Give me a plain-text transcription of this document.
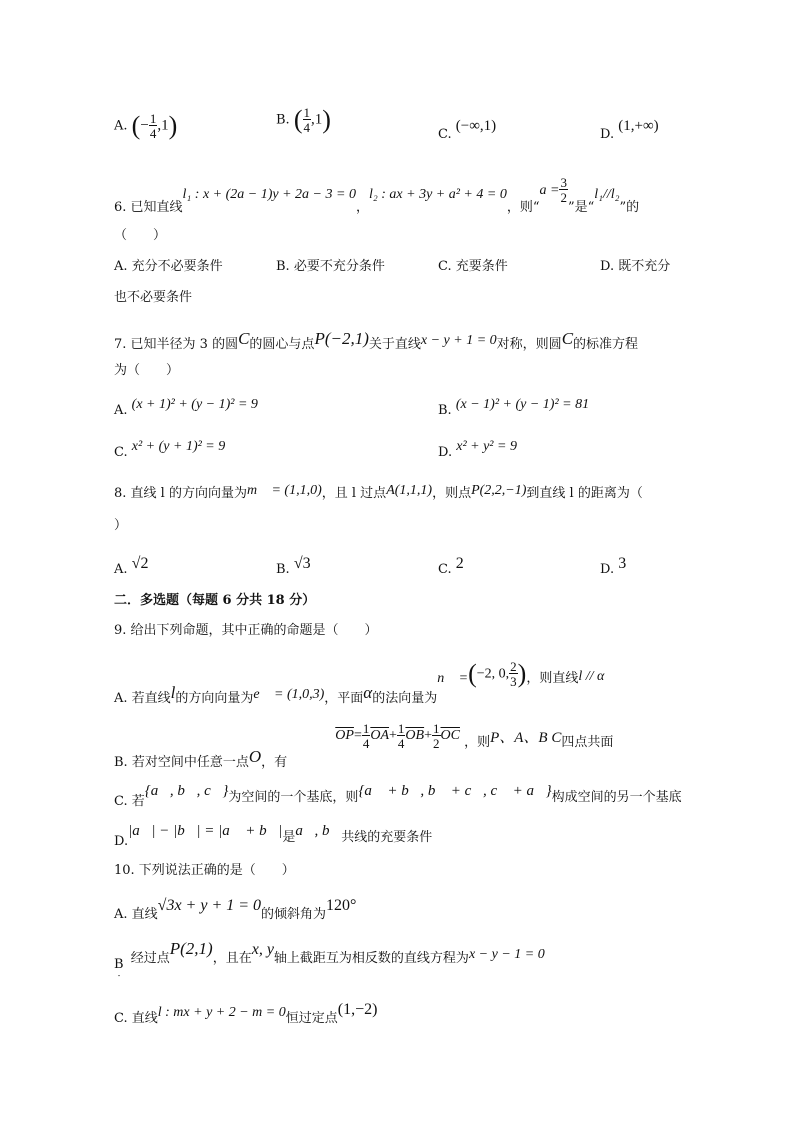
A. (− $\frac{1}{4} ,1$)	B. ( $\frac{1}{4} ,1$)
C. (−∞,1)
D. (1,+∞)
6. 已知直线l₁ : x + (2a − 1)y + 2a − 3 = 0，l₂ : ax + 3y + a² + 4 = 0，则“$a = \frac{3}{2}$
”是“l₁//l₂”的
（　　）
A. 充分不必要条件	B. 必要不充分条件	C. 充要条件	D. 既不充分
也不必要条件
7. 已知半径为 3 的圆C的圆心与点P(−2,1)关于直线x − y + 1 = 0对称，则圆C的标准方程
为（　　）
A. (x + 1)² + (y − 1)² = 9	B. (x − 1)² + (y − 1)² = 81
C. x² + (y + 1)² = 9	D. x² + y² = 9
8. 直线 l 的方向向量为m⃗ = (1,1,0)，且 l 过点A(1,1,1)，则点P(2,2,−1)到直线 l 的距离为（
）
A. √2	B. √3	C. 2	D. 3
二．多选题（每题 6 分共 18 分）
9. 给出下列命题，其中正确的命题是（　　）
A. 若直线l的方向向量为e⃗ = (1,0,3)，平面α的法向量为n⃗ =(−2, 0, $\frac{2}{3}$ )，则直线l // α
B. 若对空间中任意一点O，有 $\overline{OP}= \frac{1}{4} \overline{OA}+ \frac{1}{4} \overline{OB}+ \frac{1}{2} \overline{OC}$ ，则P、A、B C四点共面
C. 若{a⃗, b⃗, c⃗}为空间的一个基底，则{a⃗ + b⃗, b⃗ + c⃗, c⃗ + a⃗}构成空间的另一个基底
D.|a⃗| − |b⃗| = |a⃗ + b⃗|是a⃗, b⃗共线的充要条件
10. 下列说法正确的是（　　）
A. 直线√3x + y + 1 = 0的倾斜角为120°
$B_.$ 经过点P(2,1)，且在x, y轴上截距互为相反数的直线方程为x − y − 1 = 0
C. 直线l : mx + y + 2 − m = 0恒过定点(1,−2)
